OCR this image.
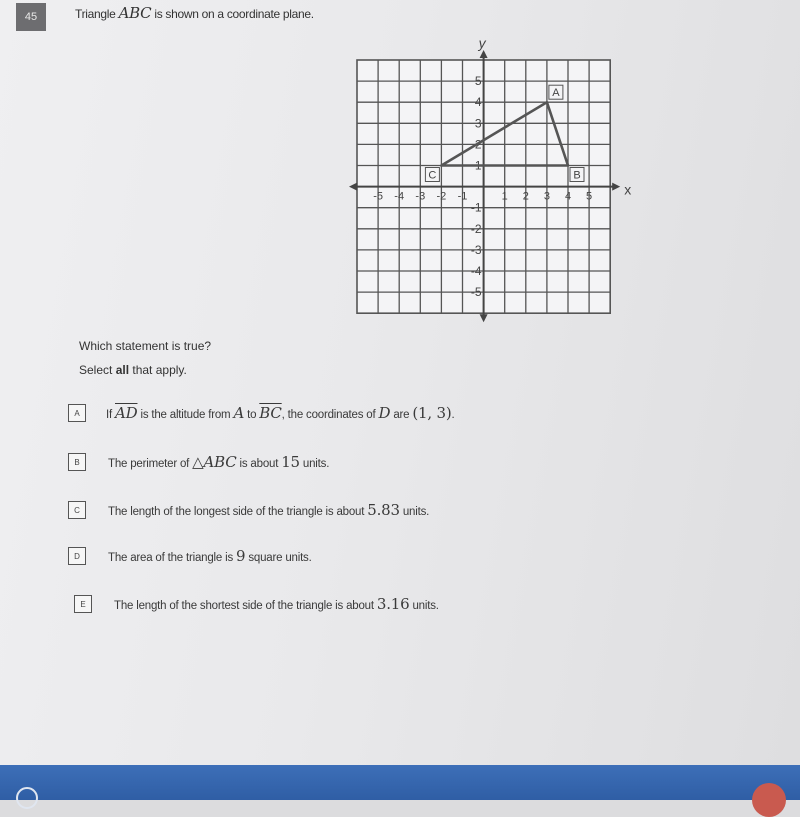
45	Triangle ABC is shown on a coordinate plane.
x
y
-5 -4 -3 -2 -1	1 2 3 4 5
5
4
3
2
1
-1
-2
-3
-4
-5
A
B
C
Which statement is true?
Select all that apply.
A	If $\overline{AD}$ is the altitude from A to $\overline{BC}$, the coordinates of D are (1, 3).
B	The perimeter of △ABC is about 15 units.
C	The length of the longest side of the triangle is about 5.83 units.
D	The area of the triangle is 9 square units.
E	The length of the shortest side of the triangle is about 3.16 units.
